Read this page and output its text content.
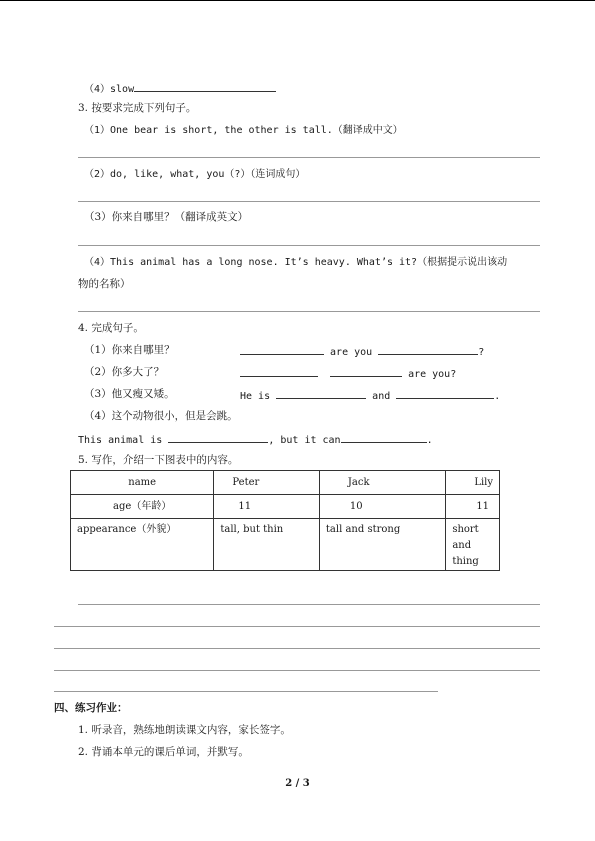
（4）slow
3. 按要求完成下列句子。
（1）One bear is short, the other is tall.（翻译成中文）
（2）do, like, what, you（?）（连词成句）
（3）你来自哪里？（翻译成英文）
（4）This animal has a long nose. It’s heavy. What’s it?（根据提示说出该动
物的名称）
4. 完成句子。
（1）你来自哪里？	are you	?
（2）你多大了？	are you?
（3）他又瘦又矮。	He is	and	.
（4）这个动物很小，但是会跳。
This animal is	, but it can	.
5. 写作，介绍一下图表中的内容。
name	Peter	Jack	Lily
age（年龄）	11	10	11
appearance（外貌）	tall, but thin	tall and strong	short and thing
四、练习作业：
1. 听录音，熟练地朗读课文内容，家长签字。
2. 背诵本单元的课后单词，并默写。
2 / 3
